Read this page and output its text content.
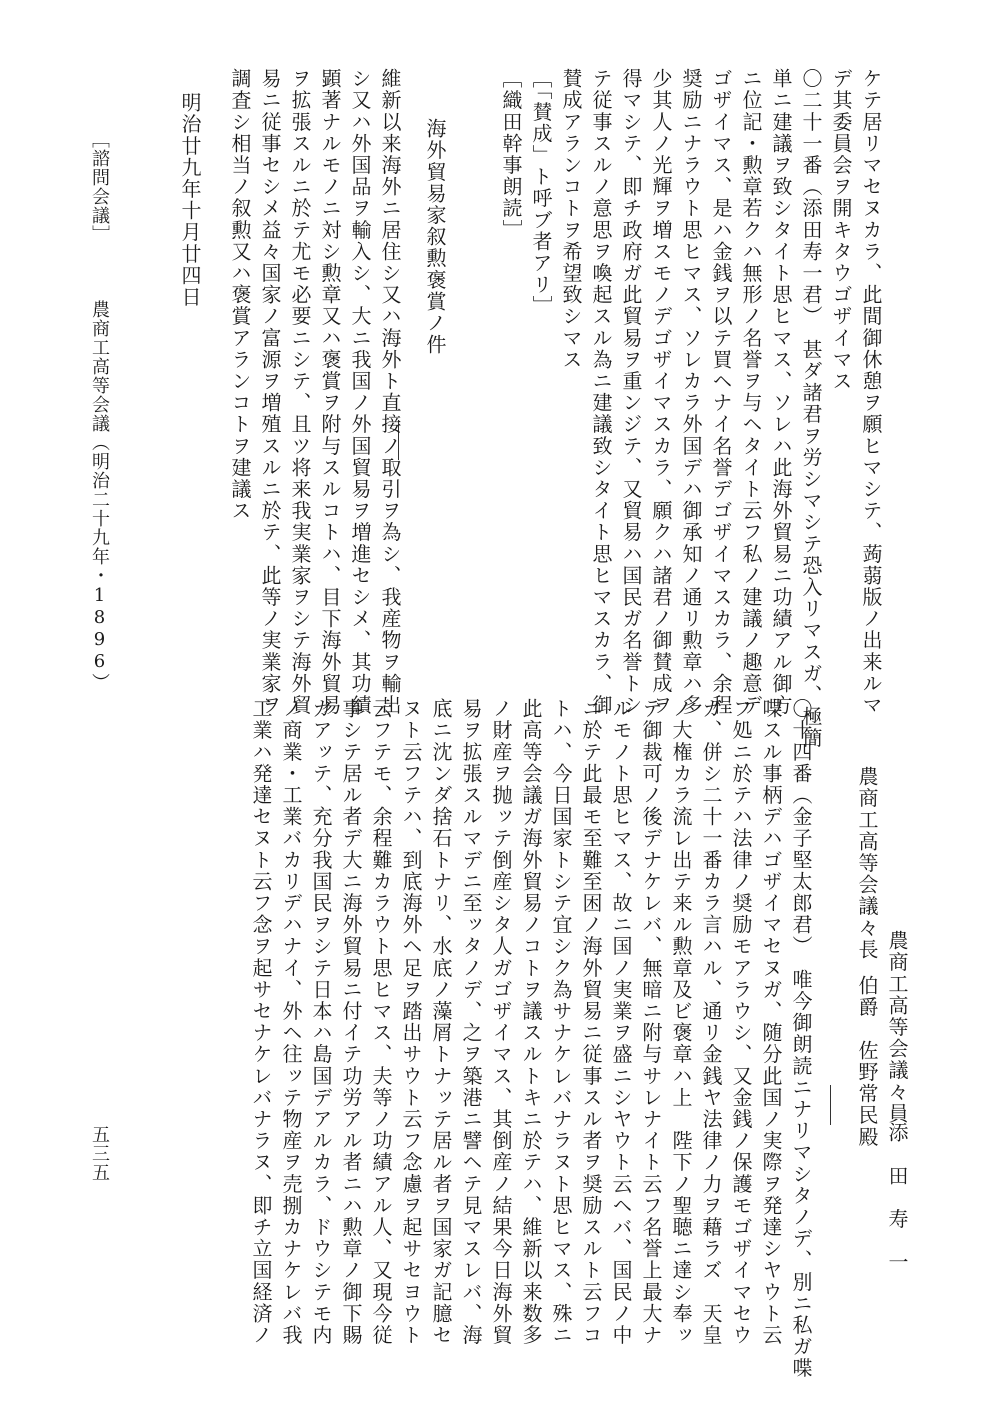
ケテ居リマセヌカラ、此間御休憩ヲ願ヒマシテ、蒟蒻版ノ出来ルマ
デ其委員会ヲ開キタウゴザイマス
〇二十一番（添田寿一君）　甚ダ諸君ヲ労シマシテ恐入リマスガ、極簡
単ニ建議ヲ致シタイト思ヒマス、ソレハ此海外貿易ニ功績アル御方
ニ位記・勲章若クハ無形ノ名誉ヲ与ヘタイト云フ私ノ建議ノ趣意デ
ゴザイマス、是ハ金銭ヲ以テ買ヘナイ名誉デゴザイマスカラ、余程
奨励ニナラウト思ヒマス、ソレカラ外国デハ御承知ノ通リ勲章ハ多
少其人ノ光輝ヲ増スモノデゴザイマスカラ、願クハ諸君ノ御賛成ヲ
得マシテ、即チ政府ガ此貿易ヲ重ンジテ、又貿易ハ国民ガ名誉トシ
テ従事スルノ意思ヲ喚起スル為ニ建議致シタイト思ヒマスカラ、御
賛成アランコトヲ希望致シマス
［「賛成」ト呼ブ者アリ］
［織田幹事朗読］
海外貿易家叙勲褒賞ノ件
維新以来海外ニ居住シ又ハ海外ト直接ノ取引ヲ為シ、我産物ヲ輸出
シ又ハ外国品ヲ輸入シ、大ニ我国ノ外国貿易ヲ増進セシメ、其功績
顕著ナルモノニ対シ勲章又ハ褒賞ヲ附与スルコトハ、目下海外貿易
ヲ拡張スルニ於テ尤モ必要ニシテ、且ツ将来我実業家ヲシテ海外貿
易ニ従事セシメ益々国家ノ富源ヲ増殖スルニ於テ、此等ノ実業家ヲ
調査シ相当ノ叙勲又ハ褒賞アランコトヲ建議ス
明治廿九年十月廿四日
［諮問会議］
農商工高等会議（明治二十九年・1896）
農商工高等会議々員
添　田　寿　一
農商工高等会議々長
伯爵　佐野常民殿
〇十四番（金子堅太郎君）　唯今御朗読ニナリマシタノデ、別ニ私ガ喋
喋スル事柄デハゴザイマセヌガ、随分此国ノ実際ヲ発達シヤウト云
フ処ニ於テハ法律ノ奨励モアラウシ、又金銭ノ保護モゴザイマセウ
ガ、併シ二十一番カラ言ハル、通リ金銭ヤ法律ノ力ヲ藉ラズ　天皇
ノ大権カラ流レ出テ来ル勲章及ビ褒章ハ上　陛下ノ聖聴ニ達シ奉ッ
テ御裁可ノ後デナケレバ、無暗ニ附与サレナイト云フ名誉上最大ナ
ルモノト思ヒマス、故ニ国ノ実業ヲ盛ニシヤウト云ヘバ、国民ノ中
ニ於テ此最モ至難至困ノ海外貿易ニ従事スル者ヲ奨励スルト云フコ
トハ、今日国家トシテ宜シク為サナケレバナラヌト思ヒマス、殊ニ
此高等会議ガ海外貿易ノコトヲ議スルトキニ於テハ、維新以来数多
ノ財産ヲ抛ッテ倒産シタ人ガゴザイマス、其倒産ノ結果今日海外貿
易ヲ拡張スルマデニ至ッタノデ、之ヲ築港ニ譬ヘテ見マスレバ、海
底ニ沈ンダ捨石トナリ、水底ノ藻屑トナッテ居ル者ヲ国家ガ記臆セ
ヌト云フテハ、到底海外ヘ足ヲ踏出サウト云フ念慮ヲ起サセヨウト
云フテモ、余程難カラウト思ヒマス、夫等ノ功績アル人、又現今従
事シテ居ル者デ大ニ海外貿易ニ付イテ功労アル者ニハ勲章ノ御下賜
ガアッテ、充分我国民ヲシテ日本ハ島国デアルカラ、ドウシテモ内
ノ商業・工業バカリデハナイ、外ヘ往ッテ物産ヲ売捌カナケレバ我
工業ハ発達セヌト云フ念ヲ起サセナケレバナラヌ、即チ立国経済ノ
五三五
